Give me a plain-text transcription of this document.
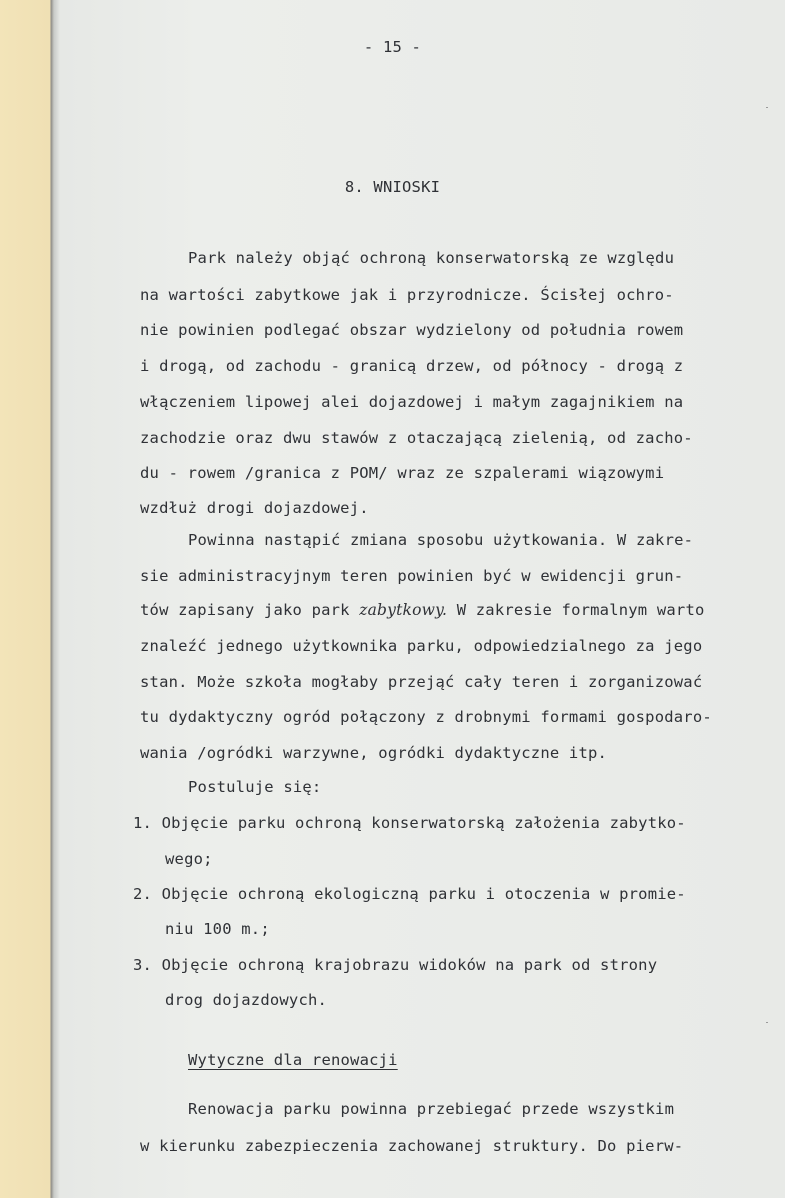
- 15 -
8. WNIOSKI
Park należy objąć ochroną konserwatorską ze względu
na wartości zabytkowe jak i przyrodnicze. Ścisłej ochro-
nie powinien podlegać obszar wydzielony od południa rowem
i drogą, od zachodu - granicą drzew, od północy - drogą z
włączeniem lipowej alei dojazdowej i małym zagajnikiem na
zachodzie oraz dwu stawów z otaczającą zielenią, od zacho-
du - rowem /granica z POM/ wraz ze szpalerami wiązowymi
wzdłuż drogi dojazdowej.
Powinna nastąpić zmiana sposobu użytkowania. W zakre-
sie administracyjnym teren powinien być w ewidencji grun-
tów zapisany jako park zabytkowy. W zakresie formalnym warto
znaleźć jednego użytkownika parku, odpowiedzialnego za jego
stan. Może szkoła mogłaby przejąć cały teren i zorganizować
tu dydaktyczny ogród połączony z drobnymi formami gospodaro-
wania /ogródki warzywne, ogródki dydaktyczne itp.
Postuluje się:
1. Objęcie parku ochroną konserwatorską założenia zabytko-
wego;
2. Objęcie ochroną ekologiczną parku i otoczenia w promie-
niu 100 m.;
3. Objęcie ochroną krajobrazu widoków na park od strony
drog dojazdowych.
Wytyczne dla renowacji
Renowacja parku powinna przebiegać przede wszystkim
w kierunku zabezpieczenia zachowanej struktury. Do pierw-
